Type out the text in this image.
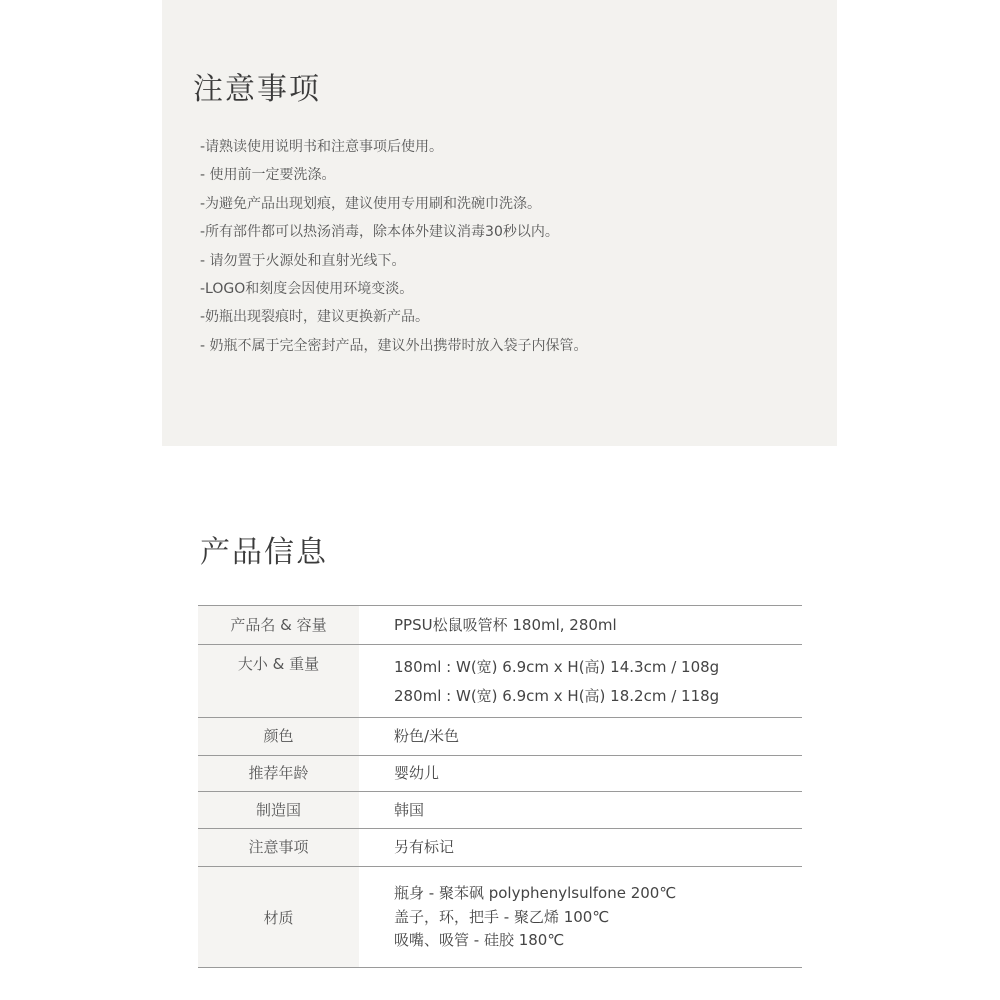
注意事项
-请熟读使用说明书和注意事项后使用。
- 使用前一定要洗涤。
-为避免产品出现划痕，建议使用专用刷和洗碗巾洗涤。
-所有部件都可以热汤消毒，除本体外建议消毒30秒以内。
- 请勿置于火源处和直射光线下。
-LOGO和刻度会因使用环境变淡。
-奶瓶出现裂痕时，建议更换新产品。
- 奶瓶不属于完全密封产品，建议外出携带时放入袋子内保管。
产品信息
产品名 & 容量	PPSU松鼠吸管杯 180ml, 280ml

大小 & 重量	180ml : W(宽) 6.9cm x H(高) 14.3cm / 108g
280ml : W(宽) 6.9cm x H(高) 18.2cm / 118g

颜色	粉色/米色

推荐年龄	婴幼儿

制造国	韩国

注意事项	另有标记

材质	瓶身 - 聚苯砜 polyphenylsulfone 200℃
盖子，环，把手 - 聚乙烯 100℃
吸嘴、吸管 - 硅胶 180℃
